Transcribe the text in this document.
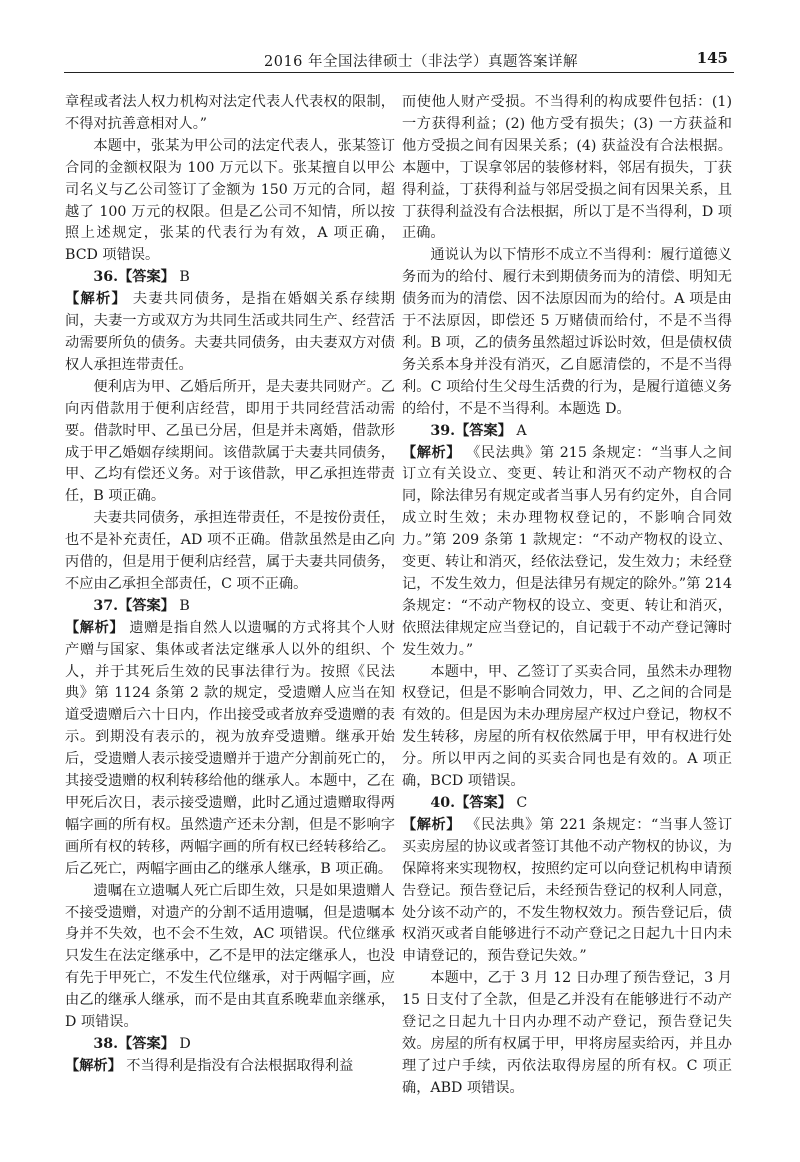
2016 年全国法律硕士（非法学）真题答案详解	145

章程或者法人权力机构对法定代表人代表权的限制，不得对抗善意相对人。”

本题中，张某为甲公司的法定代表人，张某签订合同的金额权限为 100 万元以下。张某擅自以甲公司名义与乙公司签订了金额为 150 万元的合同，超越了 100 万元的权限。但是乙公司不知情，所以按照上述规定，张某的代表行为有效，A 项正确，BCD 项错误。

36.【答案】 B

【解析】 夫妻共同债务，是指在婚姻关系存续期间，夫妻一方或双方为共同生活或共同生产、经营活动需要所负的债务。夫妻共同债务，由夫妻双方对债权人承担连带责任。

便利店为甲、乙婚后所开，是夫妻共同财产。乙向丙借款用于便利店经营，即用于共同经营活动需要。借款时甲、乙虽已分居，但是并未离婚，借款形成于甲乙婚姻存续期间。该借款属于夫妻共同债务，甲、乙均有偿还义务。对于该借款，甲乙承担连带责任，B 项正确。

夫妻共同债务，承担连带责任，不是按份责任，也不是补充责任，AD 项不正确。借款虽然是由乙向丙借的，但是用于便利店经营，属于夫妻共同债务，不应由乙承担全部责任，C 项不正确。

37.【答案】 B

【解析】 遗赠是指自然人以遗嘱的方式将其个人财产赠与国家、集体或者法定继承人以外的组织、个人，并于其死后生效的民事法律行为。按照《民法典》第 1124 条第 2 款的规定，受遗赠人应当在知道受遗赠后六十日内，作出接受或者放弃受遗赠的表示。到期没有表示的，视为放弃受遗赠。继承开始后，受遗赠人表示接受遗赠并于遗产分割前死亡的，其接受遗赠的权利转移给他的继承人。本题中，乙在甲死后次日，表示接受遗赠，此时乙通过遗赠取得两幅字画的所有权。虽然遗产还未分割，但是不影响字画所有权的转移，两幅字画的所有权已经转移给乙。后乙死亡，两幅字画由乙的继承人继承，B 项正确。

遗嘱在立遗嘱人死亡后即生效，只是如果遗赠人不接受遗赠，对遗产的分割不适用遗嘱，但是遗嘱本身并不失效，也不会不生效，AC 项错误。代位继承只发生在法定继承中，乙不是甲的法定继承人，也没有先于甲死亡，不发生代位继承，对于两幅字画，应由乙的继承人继承，而不是由其直系晚辈血亲继承，D 项错误。

38.【答案】 D

【解析】 不当得利是指没有合法根据取得利益

而使他人财产受损。不当得利的构成要件包括：(1) 一方获得利益；(2) 他方受有损失；(3) 一方获益和他方受损之间有因果关系；(4) 获益没有合法根据。本题中，丁误拿邻居的装修材料，邻居有损失，丁获得利益，丁获得利益与邻居受损之间有因果关系，且丁获得利益没有合法根据，所以丁是不当得利，D 项正确。

通说认为以下情形不成立不当得利：履行道德义务而为的给付、履行未到期债务而为的清偿、明知无债务而为的清偿、因不法原因而为的给付。A 项是由于不法原因，即偿还 5 万赌债而给付，不是不当得利。B 项，乙的债务虽然超过诉讼时效，但是债权债务关系本身并没有消灭，乙自愿清偿的，不是不当得利。C 项给付生父母生活费的行为，是履行道德义务的给付，不是不当得利。本题选 D。

39.【答案】 A

【解析】 《民法典》第 215 条规定：“当事人之间订立有关设立、变更、转让和消灭不动产物权的合同，除法律另有规定或者当事人另有约定外，自合同成立时生效；未办理物权登记的，不影响合同效力。”第 209 条第 1 款规定：“不动产物权的设立、变更、转让和消灭，经依法登记，发生效力；未经登记，不发生效力，但是法律另有规定的除外。”第 214 条规定：“不动产物权的设立、变更、转让和消灭，依照法律规定应当登记的，自记载于不动产登记簿时发生效力。”

本题中，甲、乙签订了买卖合同，虽然未办理物权登记，但是不影响合同效力，甲、乙之间的合同是有效的。但是因为未办理房屋产权过户登记，物权不发生转移，房屋的所有权依然属于甲，甲有权进行处分。所以甲丙之间的买卖合同也是有效的。A 项正确，BCD 项错误。

40.【答案】 C

【解析】 《民法典》第 221 条规定：“当事人签订买卖房屋的协议或者签订其他不动产物权的协议，为保障将来实现物权，按照约定可以向登记机构申请预告登记。预告登记后，未经预告登记的权利人同意，处分该不动产的，不发生物权效力。预告登记后，债权消灭或者自能够进行不动产登记之日起九十日内未申请登记的，预告登记失效。”

本题中，乙于 3 月 12 日办理了预告登记，3 月 15 日支付了全款，但是乙并没有在能够进行不动产登记之日起九十日内办理不动产登记，预告登记失效。房屋的所有权属于甲，甲将房屋卖给丙，并且办理了过户手续，丙依法取得房屋的所有权。C 项正确，ABD 项错误。
